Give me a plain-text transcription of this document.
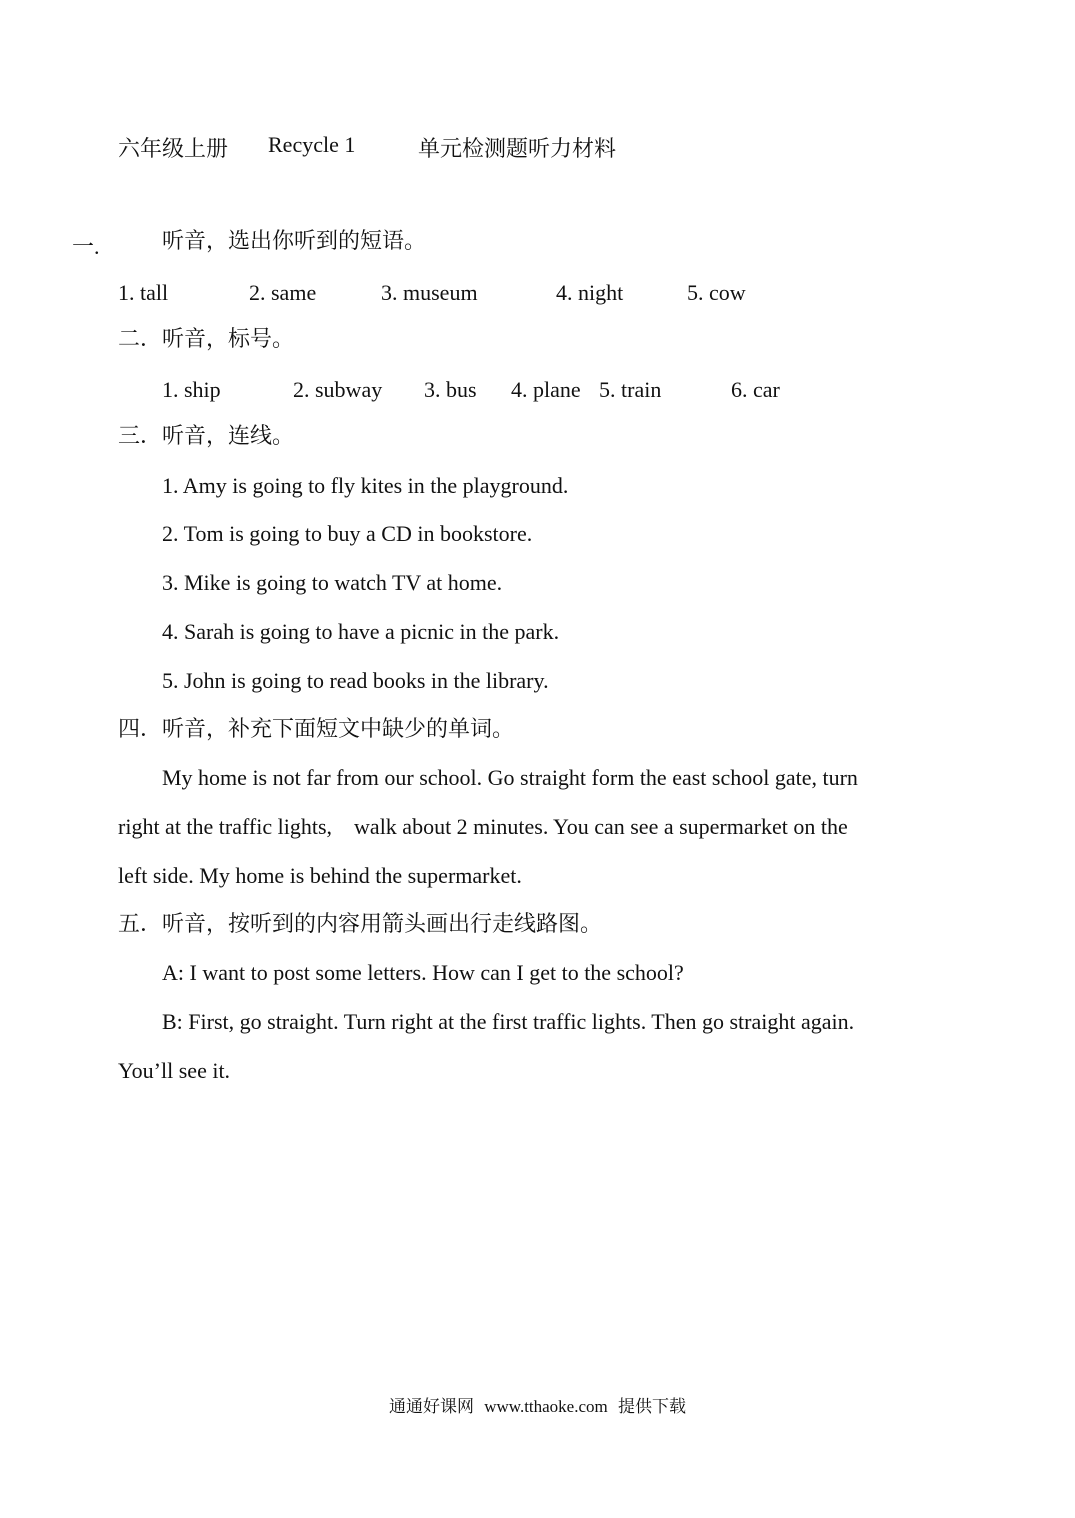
六年级上册 Recycle 1	单元检测题听力材料
一.	听音，选出你听到的短语。
1. tall	2. same	3. museum	4. night	5. cow
二．听音，标号。
1. ship	2. subway 3. bus 4. plane 5. train	6. car
三．听音，连线。
1. Amy is going to fly kites in the playground.
2. Tom is going to buy a CD in bookstore.
3. Mike is going to watch TV at home.
4. Sarah is going to have a picnic in the park.
5. John is going to read books in the library.
四．听音，补充下面短文中缺少的单词。
My home is not far from our school. Go straight form the east school gate, turn
right at the traffic lights,    walk about 2 minutes. You can see a supermarket on the
left side. My home is behind the supermarket.
五．听音，按听到的内容用箭头画出行走线路图。
A: I want to post some letters. How can I get to the school?
B: First, go straight. Turn right at the first traffic lights. Then go straight again.
You’ll see it.
通通好课网 www.tthaoke.com 提供下载
